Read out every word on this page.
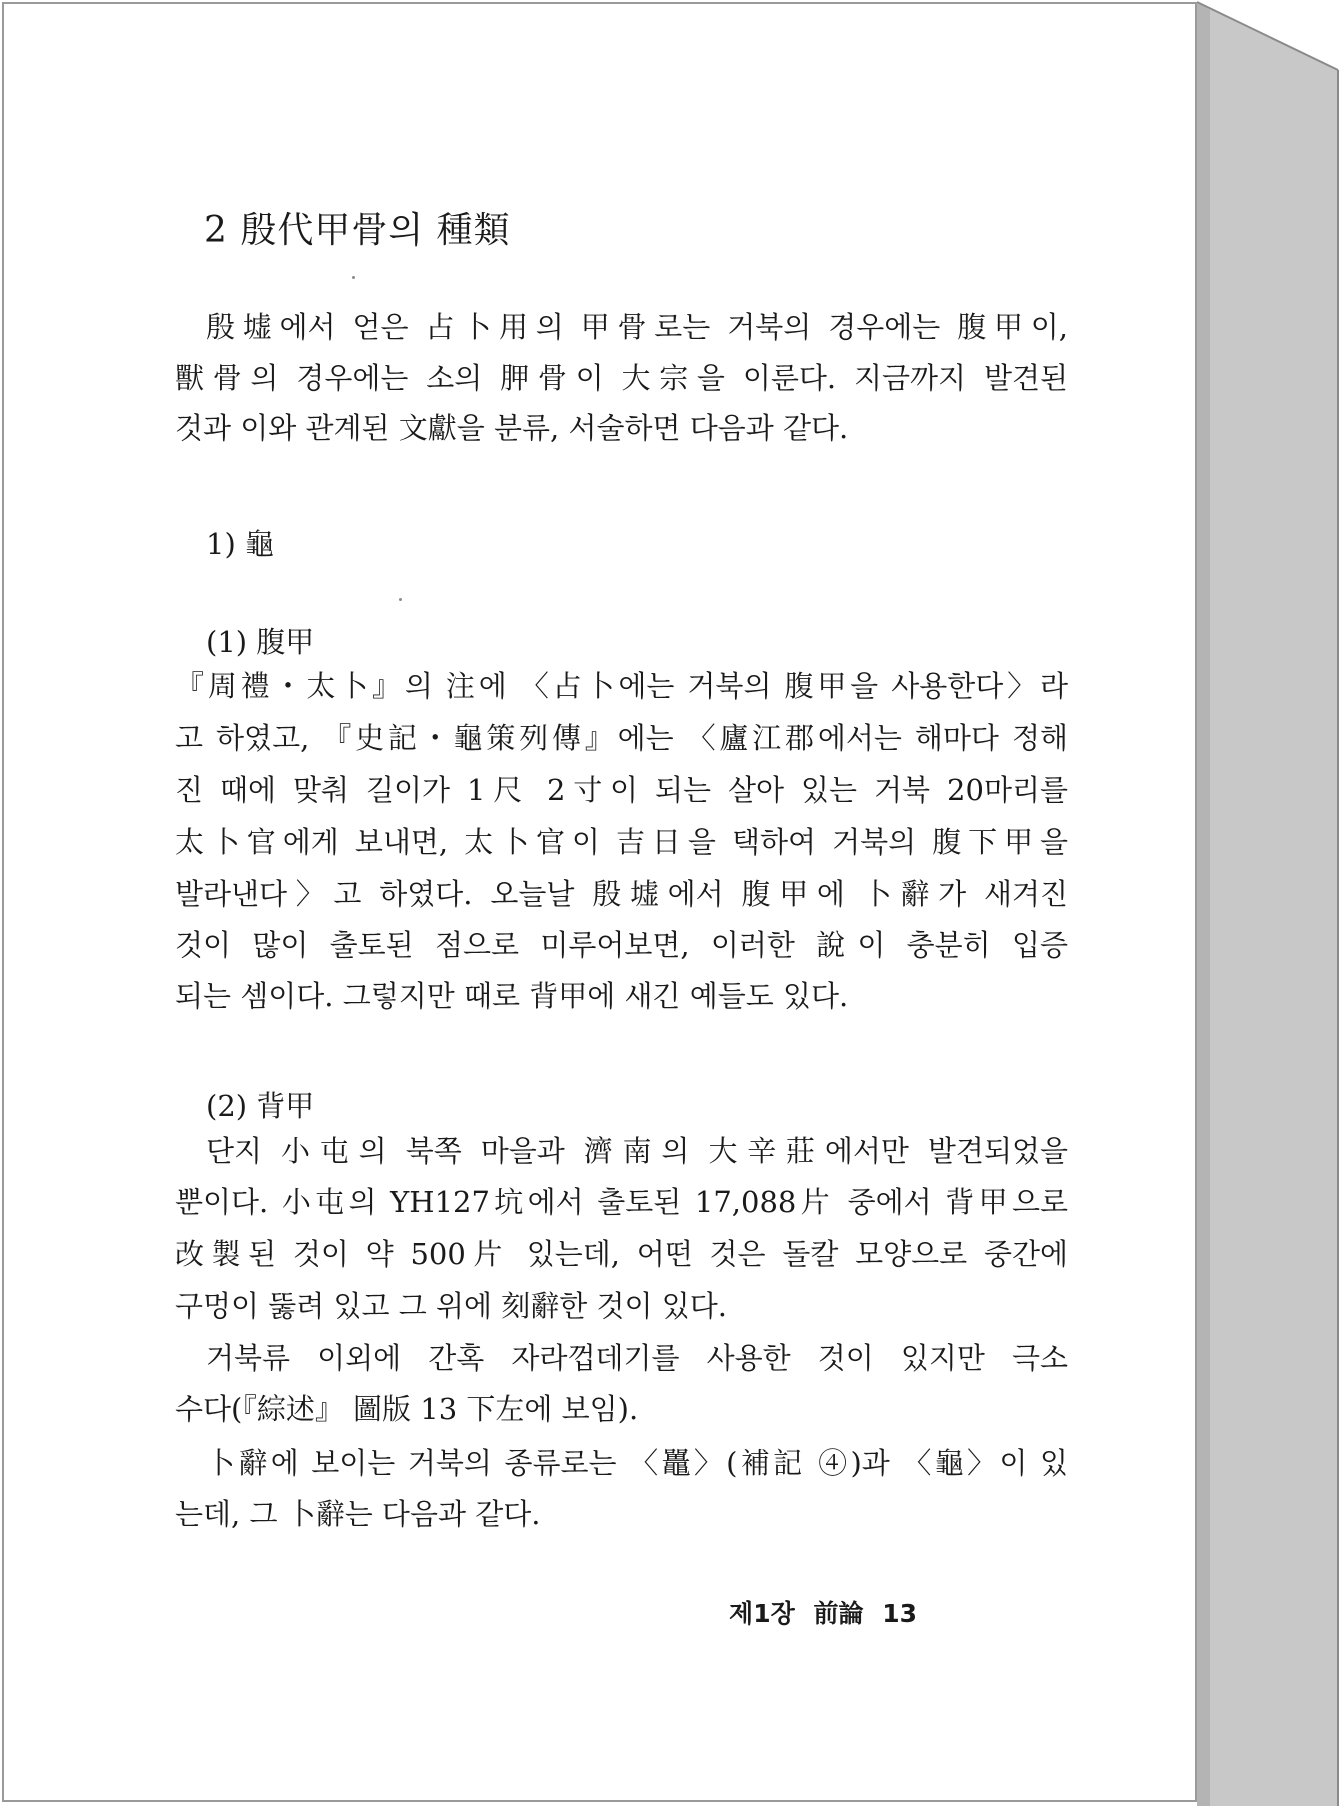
2 殷代甲骨의 種類
殷墟에서 얻은 占卜用의 甲骨로는 거북의 경우에는 腹甲이,
獸骨의 경우에는 소의 胛骨이 大宗을 이룬다. 지금까지 발견된
것과 이와 관계된 文獻을 분류, 서술하면 다음과 같다.
1) 龜
(1) 腹甲
『周禮・太卜』의 注에 〈占卜에는 거북의 腹甲을 사용한다〉라
고 하였고, 『史記・龜策列傳』에는 〈廬江郡에서는 해마다 정해
진 때에 맞춰 길이가 1尺 2寸이 되는 살아 있는 거북 20마리를
太卜官에게 보내면, 太卜官이 吉日을 택하여 거북의 腹下甲을
발라낸다〉고 하였다. 오늘날 殷墟에서 腹甲에 卜辭가 새겨진
것이 많이 출토된 점으로 미루어보면, 이러한 說이 충분히 입증
되는 셈이다. 그렇지만 때로 背甲에 새긴 예들도 있다.
(2) 背甲
단지 小屯의 북쪽 마을과 濟南의 大辛莊에서만 발견되었을
뿐이다. 小屯의 YH127坑에서 출토된 17,088片 중에서 背甲으로
改製된 것이 약 500片 있는데, 어떤 것은 돌칼 모양으로 중간에
구멍이 뚫려 있고 그 위에 刻辭한 것이 있다.
거북류 이외에 간혹 자라껍데기를 사용한 것이 있지만 극소
수다(『綜述』 圖版 13 下左에 보임).
卜辭에 보이는 거북의 종류로는 〈鼉〉(補記 ④)과 〈龜〉이 있
는데, 그 卜辭는 다음과 같다.
제1장 前論 13
